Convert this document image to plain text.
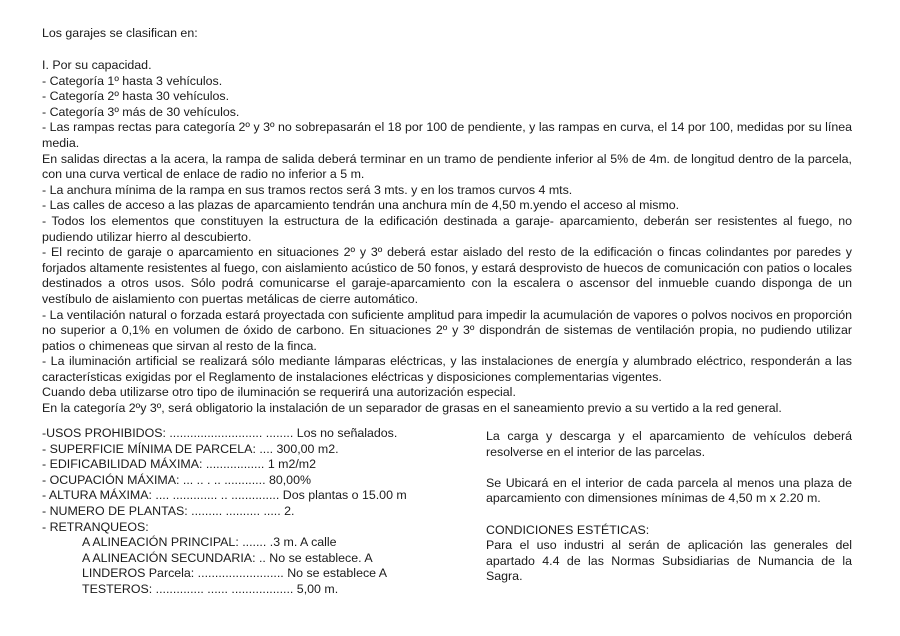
Los garajes se clasifican en:
I. Por su capacidad.
- Categoría 1º hasta 3 vehículos.
- Categoría 2º hasta 30 vehículos.
- Categoría 3º más de 30 vehículos.
- Las rampas rectas para categoría 2º y 3º no sobrepasarán el 18 por 100 de pendiente, y las rampas en curva, el 14 por 100, medidas por su línea media.
En salidas directas a la acera, la rampa de salida deberá terminar en un tramo de pendiente inferior al 5% de 4m. de longitud dentro de la parcela, con una curva vertical de enlace de radio no inferior a 5 m.
- La anchura mínima de la rampa en sus tramos rectos será 3 mts. y en los tramos curvos 4 mts.
- Las calles de acceso a las plazas de aparcamiento tendrán una anchura mín de 4,50 m.yendo el acceso al mismo.
- Todos los elementos que constituyen la estructura de la edificación destinada a garaje- aparcamiento, deberán ser resistentes al fuego, no pudiendo utilizar hierro al descubierto.
- El recinto de garaje o aparcamiento en situaciones 2º y 3º deberá estar aislado del resto de la edificación o fincas colindantes por paredes y forjados altamente resistentes al fuego, con aislamiento acústico de 50 fonos, y estará desprovisto de huecos de comunicación con patios o locales destinados a otros usos. Sólo podrá comunicarse el garaje-aparcamiento con la escalera o ascensor del inmueble cuando disponga de un vestíbulo de aislamiento con puertas metálicas de cierre automático.
- La ventilación natural o forzada estará proyectada con suficiente amplitud para impedir la acumulación de vapores o polvos nocivos en proporción no superior a 0,1% en volumen de óxido de carbono. En situaciones 2º y 3º dispondrán de sistemas de ventilación propia, no pudiendo utilizar patios o chimeneas que sirvan al resto de la finca.
- La iluminación artificial se realizará sólo mediante lámparas eléctricas, y las instalaciones de energía y alumbrado eléctrico, responderán a las características exigidas por el Reglamento de instalaciones eléctricas y disposiciones complementarias vigentes.
Cuando deba utilizarse otro tipo de iluminación se requerirá una autorización especial.
En la categoría 2ºy 3º, será obligatorio la instalación de un separador de grasas en el saneamiento previo a su vertido a la red general.
-USOS PROHIBIDOS: ........................... ........ Los no señalados.
- SUPERFICIE MÍNIMA DE PARCELA: .... 300,00 m2.
- EDIFICABILIDAD MÁXIMA: ................. 1 m2/m2
- OCUPACIÓN MÁXIMA: ... .. . .. ............ 80,00%
- ALTURA MÁXIMA: .... ............. .. .............. Dos plantas o 15.00 m
- NUMERO DE PLANTAS: ......... .......... ..... 2.
- RETRANQUEOS:
A ALINEACIÓN PRINCIPAL: ....... .3 m. A calle
A ALINEACIÓN SECUNDARIA: .. No se establece. A
LINDEROS Parcela: ......................... No se establece A
TESTEROS: .............. ...... .................. 5,00 m.

La carga y descarga y el aparcamiento de vehículos deberá resolverse en el interior de las parcelas.

Se Ubicará en el interior de cada parcela al menos una plaza de aparcamiento con dimensiones mínimas de 4,50 m x 2.20 m.

CONDICIONES ESTÉTICAS:
Para el uso industri al serán de aplicación las generales del apartado 4.4 de las Normas Subsidiarias de Numancia de la Sagra.
